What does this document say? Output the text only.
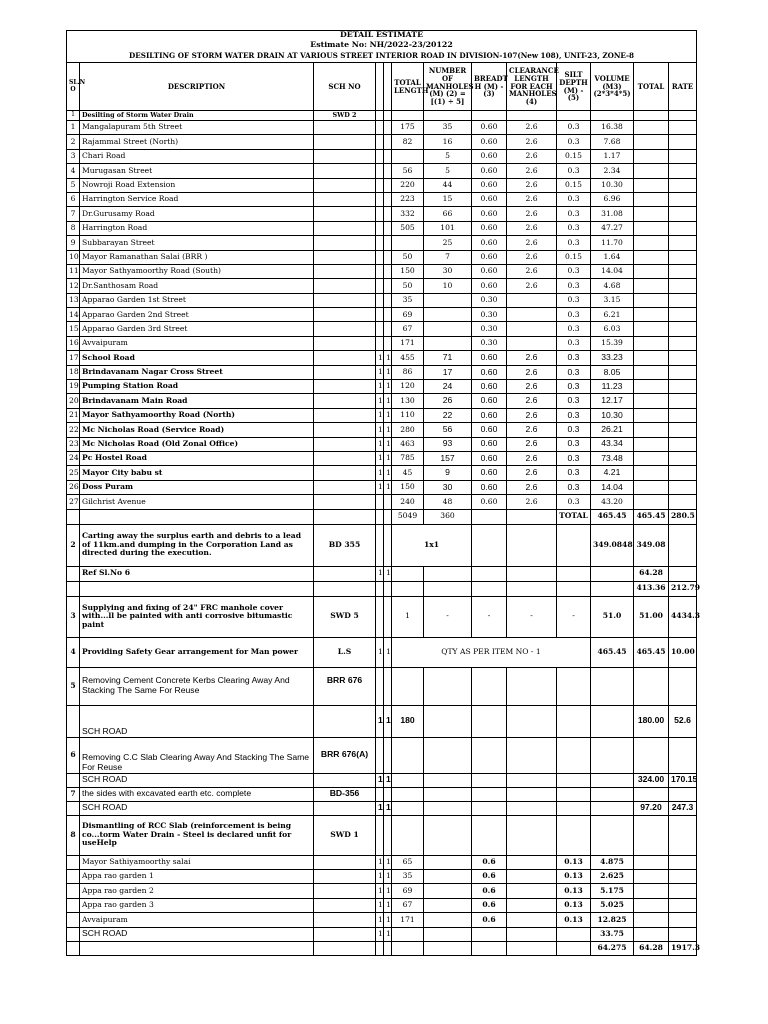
DETAIL ESTIMATE												
Estimate No: NH/2022-23/20122												
DESILTING OF STORM WATER DRAIN AT VARIOUS STREET INTERIOR ROAD IN DIVISION-107(New 108), UNIT-23, ZONE-8												
SL.N O	DESCRIPTION	SCH NO			TOTAL LENGTH	NUMBER OF MANHOLES (M) (2) = [(1) ÷ 5]	BREADT H (M) - (3)	CLEARANCE LENGTH FOR EACH MANHOLES (4)	SILT DEPTH (M) - (5)	VOLUME (M3) (2*3*4*5)	TOTAL	RATE
1	Desilting of Storm Water Drain	SWD 2										
1	Mangalapuram 5th Street				175	35	0.60	2.6	0.3	16.38		
2	Rajammal Street (North)				82	16	0.60	2.6	0.3	7.68		
3	Chari Road					5	0.60	2.6	0.15	1.17		
4	Murugasan Street				56	5	0.60	2.6	0.3	2.34		
5	Nowroji Road Extension				220	44	0.60	2.6	0.15	10.30		
6	Harrington Service Road				223	15	0.60	2.6	0.3	6.96		
7	Dr.Gurusamy Road				332	66	0.60	2.6	0.3	31.08		
8	Harrington Road				505	101	0.60	2.6	0.3	47.27		
9	Subbarayan Street					25	0.60	2.6	0.3	11.70		
10	Mayor Ramanathan Salai (BRR )				50	7	0.60	2.6	0.15	1.64		
11	Mayor Sathyamoorthy Road (South)				150	30	0.60	2.6	0.3	14.04		
12	Dr.Santhosam Road				50	10	0.60	2.6	0.3	4.68		
13	Apparao Garden 1st Street				35		0.30		0.3	3.15		
14	Apparao Garden 2nd Street				69		0.30		0.3	6.21		
15	Apparao Garden 3rd Street				67		0.30		0.3	6.03		
16	Avvaipuram				171		0.30		0.3	15.39		
17	School Road		1	1	455	71	0.60	2.6	0.3	33.23		
18	Brindavanam Nagar Cross Street		1	1	86	17	0.60	2.6	0.3	8.05		
19	Pumping Station Road		1	1	120	24	0.60	2.6	0.3	11.23		
20	Brindavanam Main Road		1	1	130	26	0.60	2.6	0.3	12.17		
21	Mayor Sathyamoorthy Road (North)		1	1	110	22	0.60	2.6	0.3	10.30		
22	Mc Nicholas Road (Service Road)		1	1	280	56	0.60	2.6	0.3	26.21		
23	Mc Nicholas Road (Old Zonal Office)		1	1	463	93	0.60	2.6	0.3	43.34		
24	Pc Hostel Road		1	1	785	157	0.60	2.6	0.3	73.48		
25	Mayor City babu st		1	1	45	9	0.60	2.6	0.3	4.21		
26	Doss Puram		1	1	150	30	0.60	2.6	0.3	14.04		
27	Gilchrist Avenue				240	48	0.60	2.6	0.3	43.20		
					5049	360			TOTAL	465.45	465.45	280.5
2	Carting away the surplus earth and debris to a lead of 11km.and dumping in the Corporation Land as directed during the execution.	BD 355			1x1					349.0848	349.08	
	Ref Sl.No 6		1	1							64.28	
											413.36	212.79
3	Supplying and fixing of 24" FRC manhole cover with...ll be painted with anti corrosive bitumastic paint	SWD 5			1	-	-	-	-	51.0	51.00	4434.3
4	Providing Safety Gear arrangement for Man power	L.S	1	1	QTY AS PER ITEM NO - 1					465.45	465.45	10.00
5	Removing Cement Concrete Kerbs Clearing Away And Stacking The Same For Reuse	BRR 676										
	SCH ROAD		1	1	180						180.00	52.6
6	Removing C.C Slab Clearing Away And Stacking The Same For Reuse	BRR 676(A)										
	SCH ROAD		1	1							324.00	170.15
7	the sides with excavated earth etc. complete	BD-356										
	SCH ROAD		1	1							97.20	247.3
8	Dismantling of RCC Slab (reinforcement is being co...torm Water Drain - Steel is declared unfit for useHelp	SWD 1										
	Mayor Sathiyamoorthy salai		1	1	65		0.6		0.13	4.875		
	Appa rao garden 1		1	1	35		0.6		0.13	2.625		
	Appa rao garden 2		1	1	69		0.6		0.13	5.175		
	Appa rao garden 3		1	1	67		0.6		0.13	5.025		
	Avvaipuram		1	1	171		0.6		0.13	12.825		
	SCH ROAD		1	1						33.75		
										64.275	64.28	1917.3
